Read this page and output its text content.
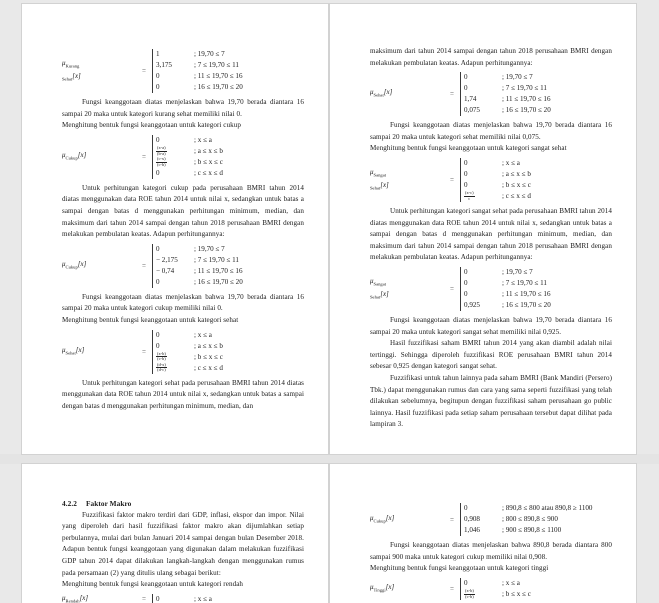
$\mu_{Kurang}$
$_{Sehat}$[x]
=
1	; 19,70 ≤ 7
3,175	; 7 ≤ 19,70 ≤ 11
0	; 11 ≤ 19,70 ≤ 16
0	; 16 ≤ 19,70 ≤ 20

Fungsi keanggotaan diatas menjelaskan bahwa 19,70 berada diantara 16 sampai 20 maka untuk kategori kurang sehat memiliki nilai 0.

Menghitung bentuk fungsi keanggotaan untuk kategori cukup

$\mu_{Cukup}[x]$	=
0	; x ≤ a
$\frac{(x-a)}{(b-a)}$	; a ≤ x ≤ b
$\frac{(c-x)}{(c-b)}$	; b ≤ x ≤ c
0	; c ≤ x ≤ d

Untuk perhitungan kategori cukup pada perusahaan BMRI tahun 2014 diatas menggunakan data ROE tahun 2014 untuk nilai x, sedangkan untuk batas a sampai dengan batas d menggunakan perhitungan minimum, median, dan maksimum dari tahun 2014 sampai dengan tahun 2018 perusahaan BMRI dengan melakukan pembulatan keatas. Adapun perhitungannya:

$\mu_{Cukup}[x]$	=
0	; 19,70 ≤ 7
− 2,175	; 7 ≤ 19,70 ≤ 11
− 0,74	; 11 ≤ 19,70 ≤ 16
0	; 16 ≤ 19,70 ≤ 20

Fungsi keanggotaan diatas menjelaskan bahwa 19,70 berada diantara 16 sampai 20 maka untuk kategori cukup memiliki nilai 0.

Menghitung bentuk fungsi keanggotaan untuk kategori sehat

$\mu_{Sehat}[x]$	=
0	; x ≤ a
0	; a ≤ x ≤ b
$\frac{(x-b)}{(c-b)}$	; b ≤ x ≤ c
$\frac{(d-x)}{(d-c)}$	; c ≤ x ≤ d

Untuk perhitungan kategori sehat pada perusahaan BMRI tahun 2014 diatas menggunakan data ROE tahun 2014 untuk nilai x, sedangkan untuk batas a sampai dengan batas d menggunakan perhitungan minimum, median, dan

maksimum dari tahun 2014 sampai dengan tahun 2018 perusahaan BMRI dengan melakukan pembulatan keatas. Adapun perhitungannya:

$\mu_{Sehat}[x]$	=
0	; 19,70 ≤ 7
0	; 7 ≤ 19,70 ≤ 11
1,74	; 11 ≤ 19,70 ≤ 16
0,075	; 16 ≤ 19,70 ≤ 20

Fungsi keanggotaan diatas menjelaskan bahwa 19,70 berada diantara 16 sampai 20 maka untuk kategori sehat memiliki nilai 0,075.

Menghitung bentuk fungsi keanggotaan untuk kategori sangat sehat

$\mu_{Sangat}$
$_{Sehat}$[x]
=
0	; x ≤ a
0	; a ≤ x ≤ b
0	; b ≤ x ≤ c
$\frac{(x-c)}{c}$	; c ≤ x ≤ d

Untuk perhitungan kategori sangat sehat pada perusahaan BMRI tahun 2014 diatas menggunakan data ROE tahun 2014 untuk nilai x, sedangkan untuk batas a sampai dengan batas d menggunakan perhitungan minimum, median, dan maksimum dari tahun 2014 sampai dengan tahun 2018 perusahaan BMRI dengan melakukan pembulatan keatas. Adapun perhitungannya:

$\mu_{Sangat}$
$_{Sehat}$[x]
=
0	; 19,70 ≤ 7
0	; 7 ≤ 19,70 ≤ 11
0	; 11 ≤ 19,70 ≤ 16
0,925	; 16 ≤ 19,70 ≤ 20

Fungsi keanggotaan diatas menjelaskan bahwa 19,70 berada diantara 16 sampai 20 maka untuk kategori sangat sehat memiliki nilai 0,925.

Hasil fuzzifikasi saham BMRI tahun 2014 yang akan diambil adalah nilai tertinggi. Sehingga diperoleh fuzzifikasi ROE perusahaan BMRI tahun 2014 sebesar 0,925 dengan kategori sangat sehat.

Fuzzifikasi untuk tahun lainnya pada saham BMRI (Bank Mandiri (Persero) Tbk.) dapat menggunakan rumus dan cara yang sama seperti fuzzifikasi yang telah dilakukan sebelumnya, begitupun dengan fuzzifikasi saham perusahaan go public lainnya. Hasil fuzzifikasi pada setiap saham perusahaan tersebut dapat dilihat pada lampiran 3.

4.2.2 Faktor Makro

Fuzzifikasi faktor makro terdiri dari GDP, inflasi, ekspor dan impor. Nilai yang diperoleh dari hasil fuzzifikasi faktor makro akan dijumlahkan setiap perbulannya, mulai dari bulan Januari 2014 sampai dengan bulan Desember 2018. Adapun bentuk fungsi keanggotaan yang digunakan dalam melakukan fuzzifikasi GDP tahun 2014 dapat dilakukan langkah-langkah dengan menggunakan rumus pada persamaan (2) yang ditulis ulang sebagai berikut:

Menghitung bentuk fungsi keanggotaan untuk kategori rendah

$\mu_{Rendah}[x]$	=	0	; x ≤ a
$\mu_{Cukup}[x]$	=
0	; 890,8 ≤ 800 atau 890,8 ≥ 1100
0,908	; 800 ≤ 890,8 ≤ 900
1,046	; 900 ≤ 890,8 ≤ 1100

Fungsi keanggotaan diatas menjelaskan bahwa 890,8 berada diantara 800 sampai 900 maka untuk kategori cukup memiliki nilai 0,908.

Menghitung bentuk fungsi keanggotaan untuk kategori tinggi

$\mu_{Tinggi}[x]$	=
0	; x ≤ a
$\frac{(x-b)}{(c-b)}$	; b ≤ x ≤ c
